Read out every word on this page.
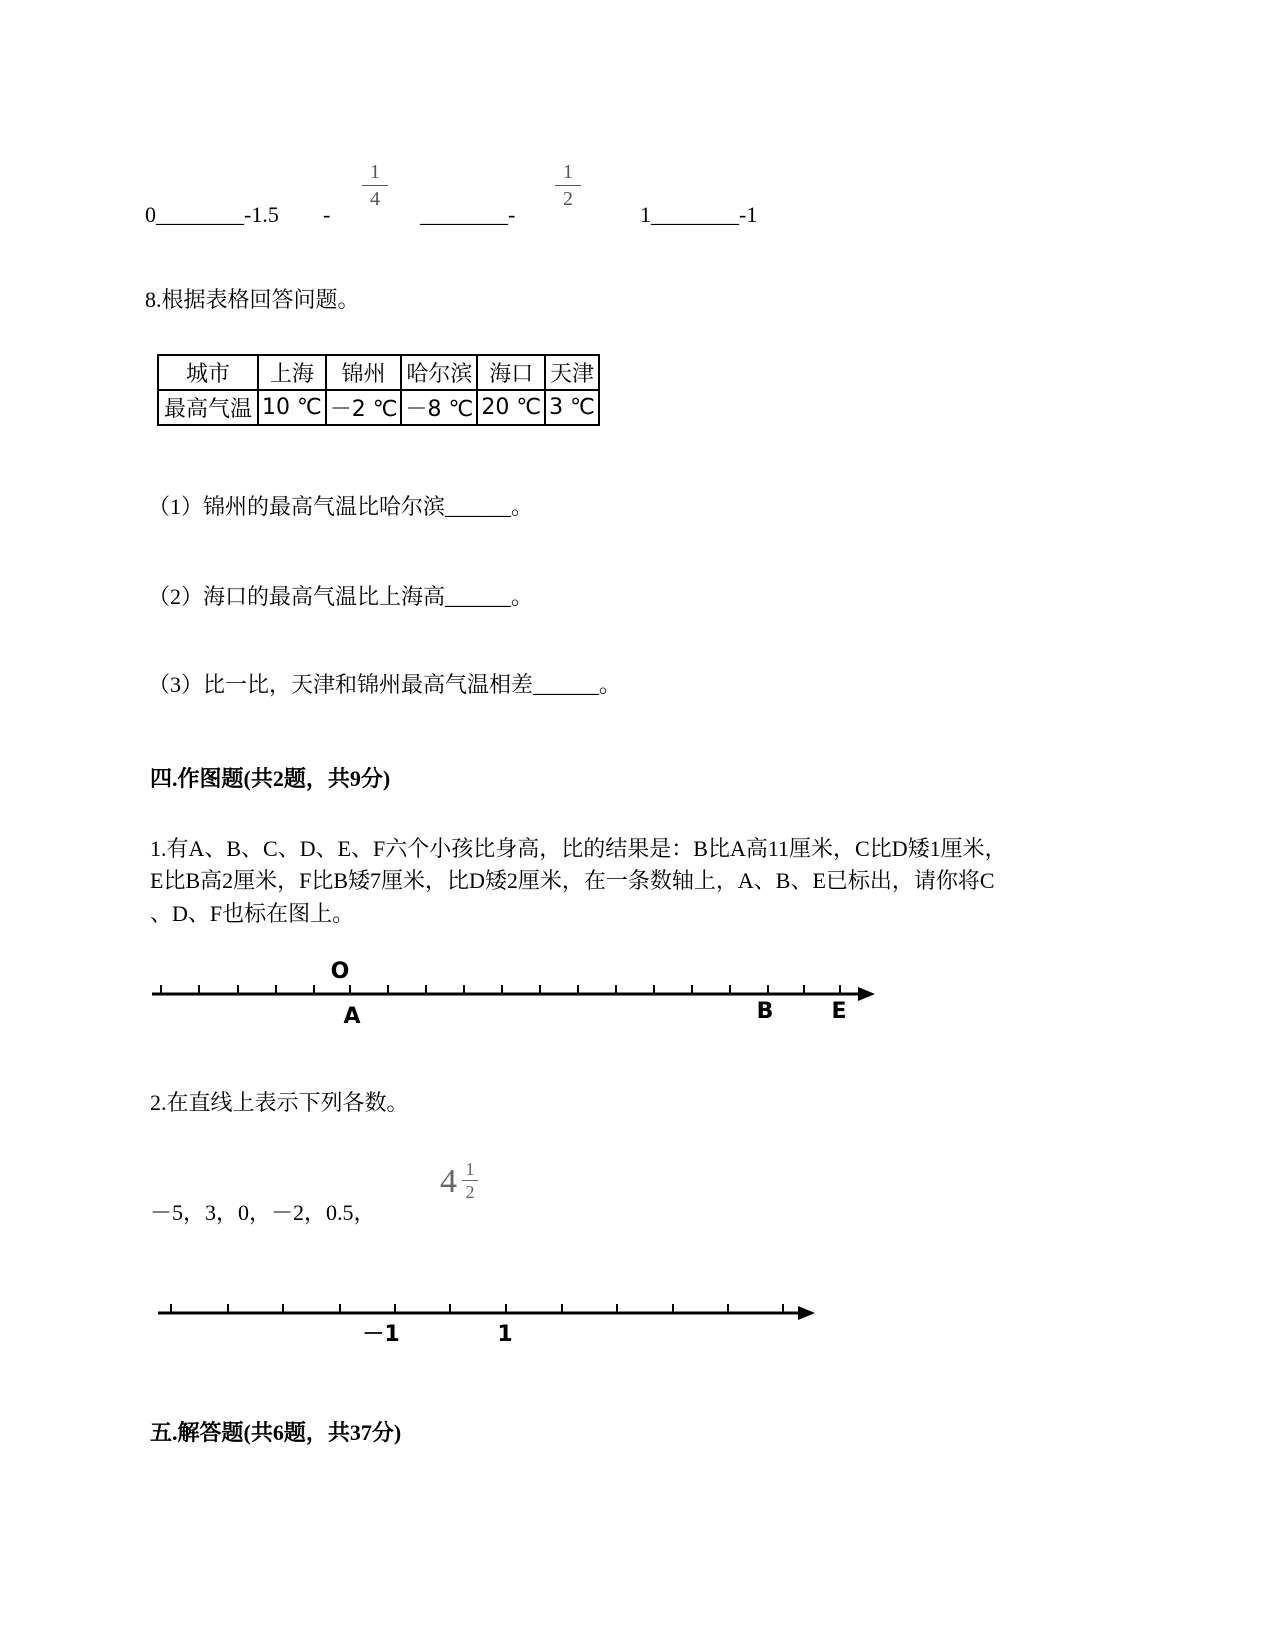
0________-1.5 -
1
4
________-
1
2
1________-1
8.根据表格回答问题。
城市	上海	锦州	哈尔滨	海口	天津
最高气温	10 ℃	－2 ℃	－8 ℃	20 ℃	3 ℃
（1）锦州的最高气温比哈尔滨______。
（2）海口的最高气温比上海高______。
（3）比一比，天津和锦州最高气温相差______。
四.作图题(共2题，共9分)
1.有A、B、C、D、E、F六个小孩比身高，比的结果是：B比A高11厘米，C比D矮1厘米，
E比B高2厘米，F比B矮7厘米，比D矮2厘米，在一条数轴上，A、B、E已标出，请你将C
、D、F也标在图上。
O
A	B	E
－1	1
2.在直线上表示下列各数。
－5，3，0，－2，0.5，
4 1
2
五.解答题(共6题，共37分)
